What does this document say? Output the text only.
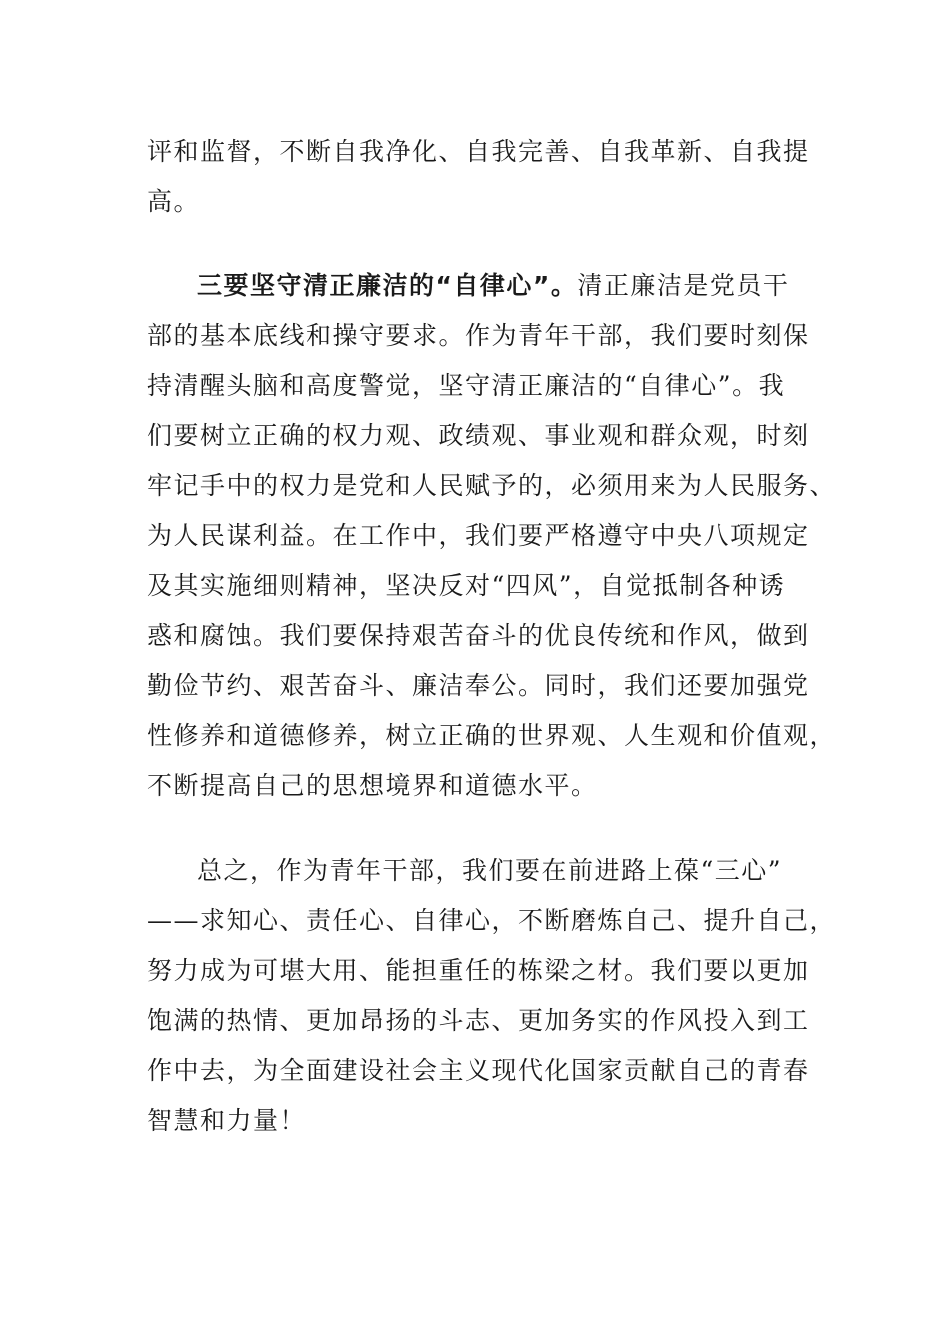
评和监督，不断自我净化、自我完善、自我革新、自我提
高。
三要坚守清正廉洁的“自律心”。清正廉洁是党员干
部的基本底线和操守要求。作为青年干部，我们要时刻保
持清醒头脑和高度警觉，坚守清正廉洁的“自律心”。我
们要树立正确的权力观、政绩观、事业观和群众观，时刻
牢记手中的权力是党和人民赋予的，必须用来为人民服务、
为人民谋利益。在工作中，我们要严格遵守中央八项规定
及其实施细则精神，坚决反对“四风”，自觉抵制各种诱
惑和腐蚀。我们要保持艰苦奋斗的优良传统和作风，做到
勤俭节约、艰苦奋斗、廉洁奉公。同时，我们还要加强党
性修养和道德修养，树立正确的世界观、人生观和价值观，
不断提高自己的思想境界和道德水平。
总之，作为青年干部，我们要在前进路上葆“三心”
——求知心、责任心、自律心，不断磨炼自己、提升自己，
努力成为可堪大用、能担重任的栋梁之材。我们要以更加
饱满的热情、更加昂扬的斗志、更加务实的作风投入到工
作中去，为全面建设社会主义现代化国家贡献自己的青春
智慧和力量！
